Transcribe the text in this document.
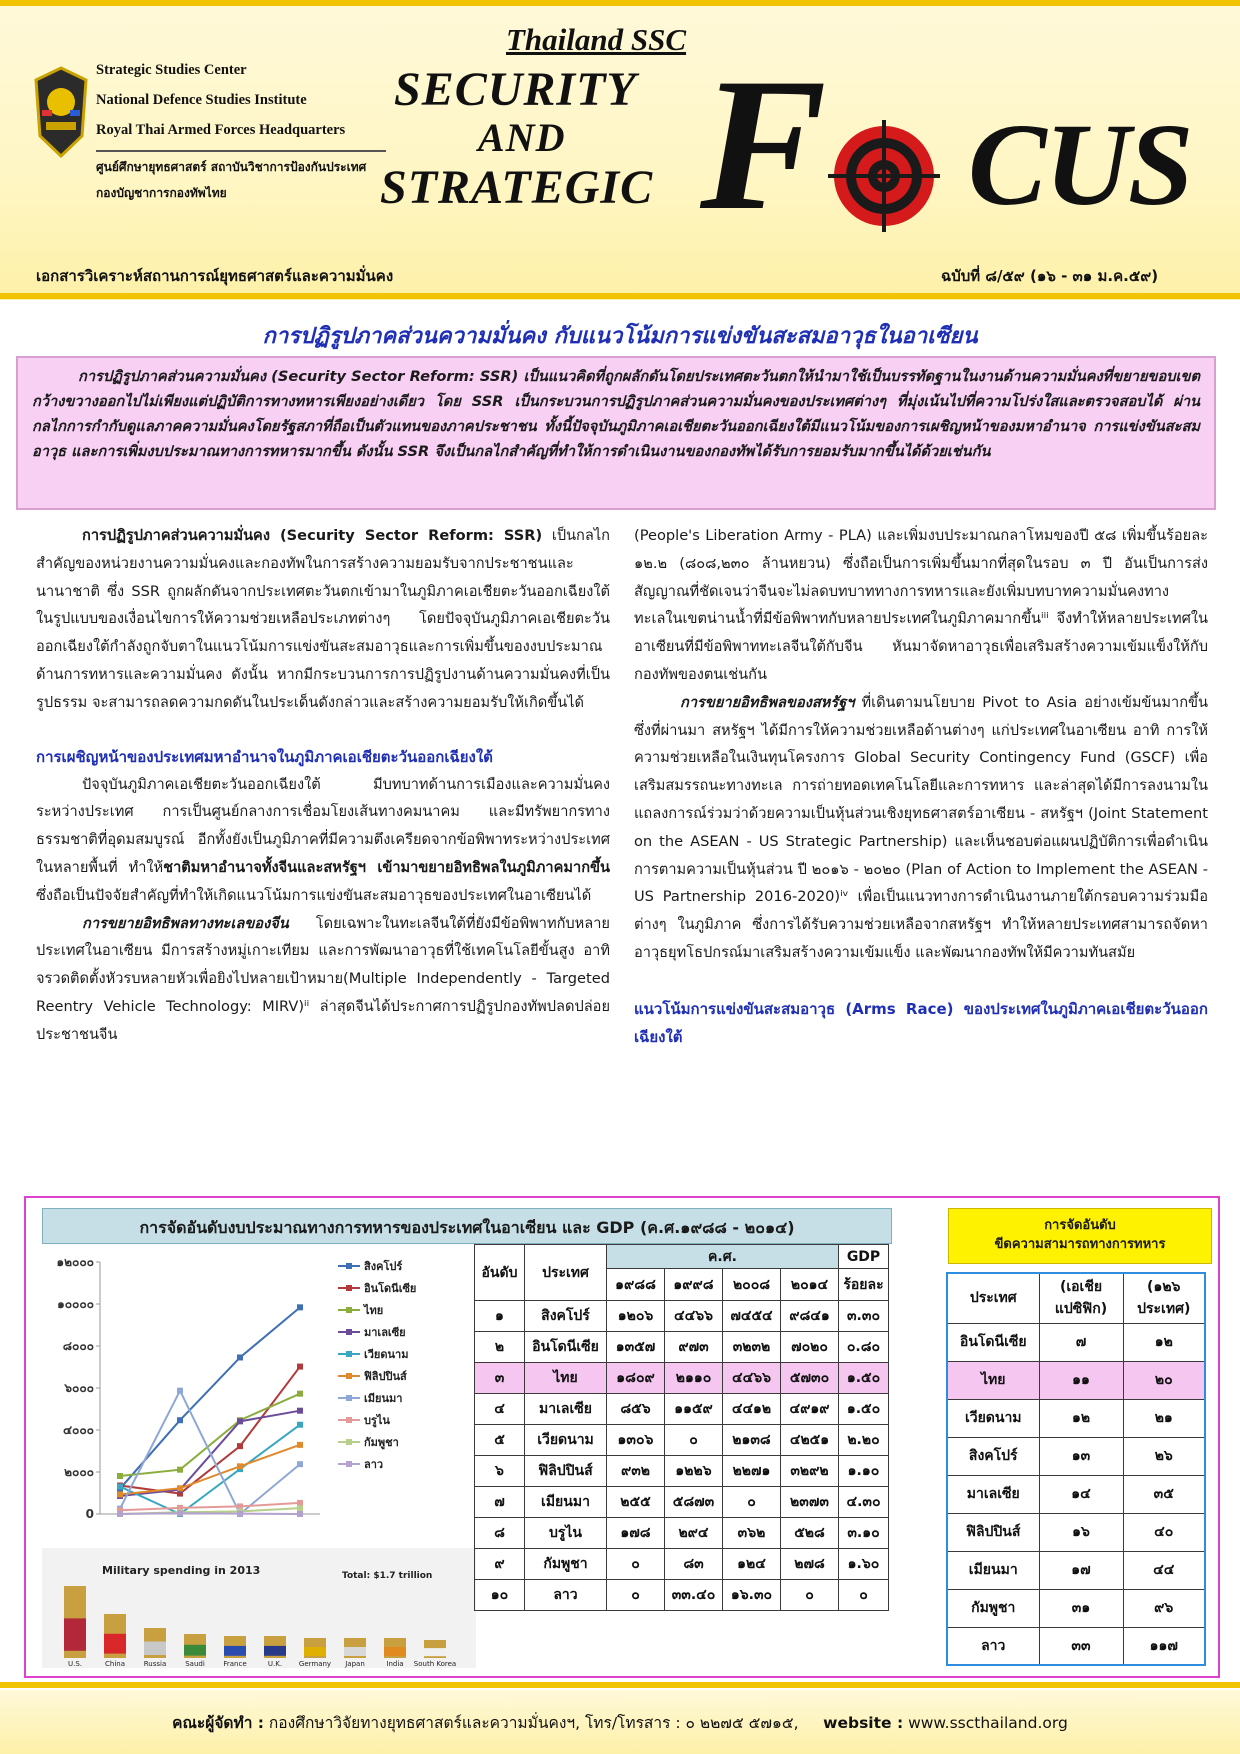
Strategic Studies Center
National Defence Studies Institute
Royal Thai Armed Forces Headquarters
ศูนย์ศึกษายุทธศาสตร์ สถาบันวิชาการป้องกันประเทศ
กองบัญชาการกองทัพไทย
Thailand SSC
SECURITY
AND
STRATEGIC F CUS
เอกสารวิเคราะห์สถานการณ์ยุทธศาสตร์และความมั่นคง	ฉบับที่ ๘/๕๙ (๑๖ - ๓๑ ม.ค.๕๙)
การปฏิรูปภาคส่วนความมั่นคง กับแนวโน้มการแข่งขันสะสมอาวุธในอาเซียน
การปฏิรูปภาคส่วนความมั่นคง (Security Sector Reform: SSR) เป็นแนวคิดที่ถูกผลักดันโดยประเทศตะวันตกให้นำมาใช้เป็นบรรทัดฐานในงานด้านความมั่นคงที่ขยายขอบเขตกว้างขวางออกไปไม่เพียงแต่ปฏิบัติการทางทหารเพียงอย่างเดียว โดย SSR เป็นกระบวนการปฏิรูปภาคส่วนความมั่นคงของประเทศต่างๆ ที่มุ่งเน้นไปที่ความโปร่งใสและตรวจสอบได้ ผ่านกลไกการกำกับดูแลภาคความมั่นคงโดยรัฐสภาที่ถือเป็นตัวแทนของภาคประชาชน ทั้งนี้ปัจจุบันภูมิภาคเอเชียตะวันออกเฉียงใต้มีแนวโน้มของการเผชิญหน้าของมหาอำนาจ การแข่งขันสะสมอาวุธ และการเพิ่มงบประมาณทางการทหารมากขึ้น ดังนั้น SSR จึงเป็นกลไกสำคัญที่ทำให้การดำเนินงานของกองทัพได้รับการยอมรับมากขึ้นได้ด้วยเช่นกัน

การปฏิรูปภาคส่วนความมั่นคง (Security Sector Reform: SSR) เป็นกลไกสำคัญของหน่วยงานความมั่นคงและกองทัพในการสร้างความยอมรับจากประชาชนและนานาชาติ ซึ่ง SSR ถูกผลักดันจากประเทศตะวันตกเข้ามาในภูมิภาคเอเชียตะวันออกเฉียงใต้ ในรูปแบบของเงื่อนไขการให้ความช่วยเหลือประเภทต่างๆ โดยปัจจุบันภูมิภาคเอเชียตะวันออกเฉียงใต้กำลังถูกจับตาในแนวโน้มการแข่งขันสะสมอาวุธและการเพิ่มขึ้นของงบประมาณด้านการทหารและความมั่นคง ดังนั้น หากมีกระบวนการการปฏิรูปงานด้านความมั่นคงที่เป็นรูปธรรม จะสามารถลดความกดดันในประเด็นดังกล่าวและสร้างความยอมรับให้เกิดขึ้นได้

การเผชิญหน้าของประเทศมหาอำนาจในภูมิภาคเอเชียตะวันออกเฉียงใต้

ปัจจุบันภูมิภาคเอเชียตะวันออกเฉียงใต้ มีบทบาทด้านการเมืองและความมั่นคงระหว่างประเทศ การเป็นศูนย์กลางการเชื่อมโยงเส้นทางคมนาคม และมีทรัพยากรทางธรรมชาติที่อุดมสมบูรณ์ อีกทั้งยังเป็นภูมิภาคที่มีความตึงเครียดจากข้อพิพาทระหว่างประเทศในหลายพื้นที่ ทำให้ชาติมหาอำนาจทั้งจีนและสหรัฐฯ เข้ามาขยายอิทธิพลในภูมิภาคมากขึ้น ซึ่งถือเป็นปัจจัยสำคัญที่ทำให้เกิดแนวโน้มการแข่งขันสะสมอาวุธของประเทศในอาเซียนได้

การขยายอิทธิพลทางทะเลของจีน โดยเฉพาะในทะเลจีนใต้ที่ยังมีข้อพิพาทกับหลายประเทศในอาเซียน มีการสร้างหมู่เกาะเทียม และการพัฒนาอาวุธที่ใช้เทคโนโลยีขั้นสูง อาทิ จรวดติดตั้งหัวรบหลายหัวเพื่อยิงไปหลายเป้าหมาย(Multiple Independently - Targeted Reentry Vehicle Technology: MIRV)ⁱⁱ ล่าสุดจีนได้ประกาศการปฏิรูปกองทัพปลดปล่อยประชาชนจีน

(People's Liberation Army - PLA) และเพิ่มงบประมาณกลาโหมของปี ๕๘ เพิ่มขึ้นร้อยละ ๑๒.๒ (๘๐๘,๒๓๐ ล้านหยวน) ซึ่งถือเป็นการเพิ่มขึ้นมากที่สุดในรอบ ๓ ปี อันเป็นการส่งสัญญาณที่ชัดเจนว่าจีนจะไม่ลดบทบาททางการทหารและยังเพิ่มบทบาทความมั่นคงทางทะเลในเขตน่านน้ำที่มีข้อพิพาทกับหลายประเทศในภูมิภาคมากขึ้นⁱⁱⁱ จึงทำให้หลายประเทศในอาเซียนที่มีข้อพิพาททะเลจีนใต้กับจีน หันมาจัดหาอาวุธเพื่อเสริมสร้างความเข้มแข็งให้กับกองทัพของตนเช่นกัน

การขยายอิทธิพลของสหรัฐฯ ที่เดินตามนโยบาย Pivot to Asia อย่างเข้มข้นมากขึ้น ซึ่งที่ผ่านมา สหรัฐฯ ได้มีการให้ความช่วยเหลือด้านต่างๆ แก่ประเทศในอาเซียน อาทิ การให้ความช่วยเหลือในเงินทุนโครงการ Global Security Contingency Fund (GSCF) เพื่อเสริมสมรรถนะทางทะเล การถ่ายทอดเทคโนโลยีและการทหาร และล่าสุดได้มีการลงนามในแถลงการณ์ร่วมว่าด้วยความเป็นหุ้นส่วนเชิงยุทธศาสตร์อาเซียน - สหรัฐฯ (Joint Statement on the ASEAN - US Strategic Partnership) และเห็นชอบต่อแผนปฏิบัติการเพื่อดำเนินการตามความเป็นหุ้นส่วน ปี ๒๐๑๖ - ๒๐๒๐ (Plan of Action to Implement the ASEAN - US Partnership 2016-2020)ⁱᵛ เพื่อเป็นแนวทางการดำเนินงานภายใต้กรอบความร่วมมือต่างๆ ในภูมิภาค ซึ่งการได้รับความช่วยเหลือจากสหรัฐฯ ทำให้หลายประเทศสามารถจัดหาอาวุธยุทโธปกรณ์มาเสริมสร้างความเข้มแข็ง และพัฒนากองทัพให้มีความทันสมัย

แนวโน้มการแข่งขันสะสมอาวุธ (Arms Race) ของประเทศในภูมิภาคเอเชียตะวันออกเฉียงใต้

การจัดอันดับงบประมาณทางการทหารของประเทศในอาเซียน และ GDP (ค.ศ.๑๙๘๘ - ๒๐๑๔)
๑๒๐๐๐
๑๐๐๐๐
๘๐๐๐
๖๐๐๐
๔๐๐๐
๒๐๐๐
0
สิงคโปร์
อินโดนีเซีย
ไทย
มาเลเซีย
เวียดนาม
ฟิลิปปินส์
เมียนมา
บรูไน
กัมพูชา
ลาว
Military spending in 2013	Total: $1.7 trillion
U.S.	China	Russia	Saudi	France	U.K. Germany Japan	India South Korea
อันดับ	ประเทศ	ค.ศ.				GDP
		๑๙๘๘	๑๙๙๘	๒๐๐๘	๒๐๑๔	ร้อยละ
๑	สิงคโปร์	๑๒๐๖	๔๔๖๖	๗๔๕๔	๙๘๔๑	๓.๓๐
๒	อินโดนีเซีย	๑๓๕๗	๙๗๓	๓๒๓๒	๗๐๒๐	๐.๘๐
๓	ไทย	๑๘๐๙	๒๑๑๐	๔๔๖๖	๕๗๓๐	๑.๕๐
๔	มาเลเซีย	๘๕๖	๑๑๕๙	๔๔๑๒	๔๙๑๙	๑.๕๐
๕	เวียดนาม	๑๓๐๖	๐	๒๑๓๘	๔๒๕๑	๒.๒๐
๖	ฟิลิปปินส์	๙๓๒	๑๒๒๖	๒๒๗๑	๓๒๙๒	๑.๑๐
๗	เมียนมา	๒๕๕	๕๘๗๓	๐	๒๓๗๓	๔.๓๐
๘	บรูไน	๑๗๘	๒๙๔	๓๖๒	๕๒๘	๓.๑๐
๙	กัมพูชา	๐	๘๓	๑๒๔	๒๗๘	๑.๖๐
๑๐	ลาว	๐	๓๓.๔๐	๑๖.๓๐	๐	๐
การจัดอันดับ
ขีดความสามารถทางการทหาร
ประเทศ	(เอเชีย
แปซิฟิก)	(๑๒๖
ประเทศ)
อินโดนีเซีย	๗	๑๒
ไทย	๑๑	๒๐
เวียดนาม	๑๒	๒๑
สิงคโปร์	๑๓	๒๖
มาเลเซีย	๑๔	๓๕
ฟิลิปปินส์	๑๖	๔๐
เมียนมา	๑๗	๔๔
กัมพูชา	๓๑	๙๖
ลาว	๓๓	๑๑๗
คณะผู้จัดทำ : กองศึกษาวิจัยทางยุทธศาสตร์และความมั่นคงฯ, โทร/โทรสาร : ๐ ๒๒๗๕ ๕๗๑๕, website : www.sscthailand.org
